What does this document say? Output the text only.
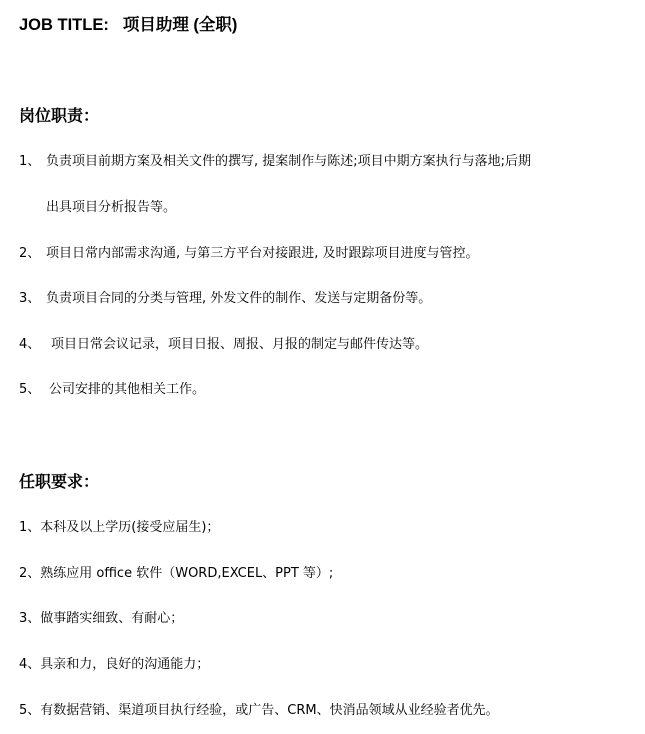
JOB TITLE: 项目助理 (全职)
岗位职责：
1、 负责项目前期方案及相关文件的撰写, 提案制作与陈述;项目中期方案执行与落地;后期
出具项目分析报告等。
2、 项目日常内部需求沟通, 与第三方平台对接跟进, 及时跟踪项目进度与管控。
3、 负责项目合同的分类与管理, 外发文件的制作、发送与定期备份等。
4、 项目日常会议记录，项目日报、周报、月报的制定与邮件传达等。
5、 公司安排的其他相关工作。
任职要求：
1、本科及以上学历(接受应届生)；
2、熟练应用 office 软件（WORD,EXCEL、PPT 等）;
3、做事踏实细致、有耐心；
4、具亲和力，良好的沟通能力；
5、有数据营销、渠道项目执行经验，或广告、CRM、快消品领域从业经验者优先。
